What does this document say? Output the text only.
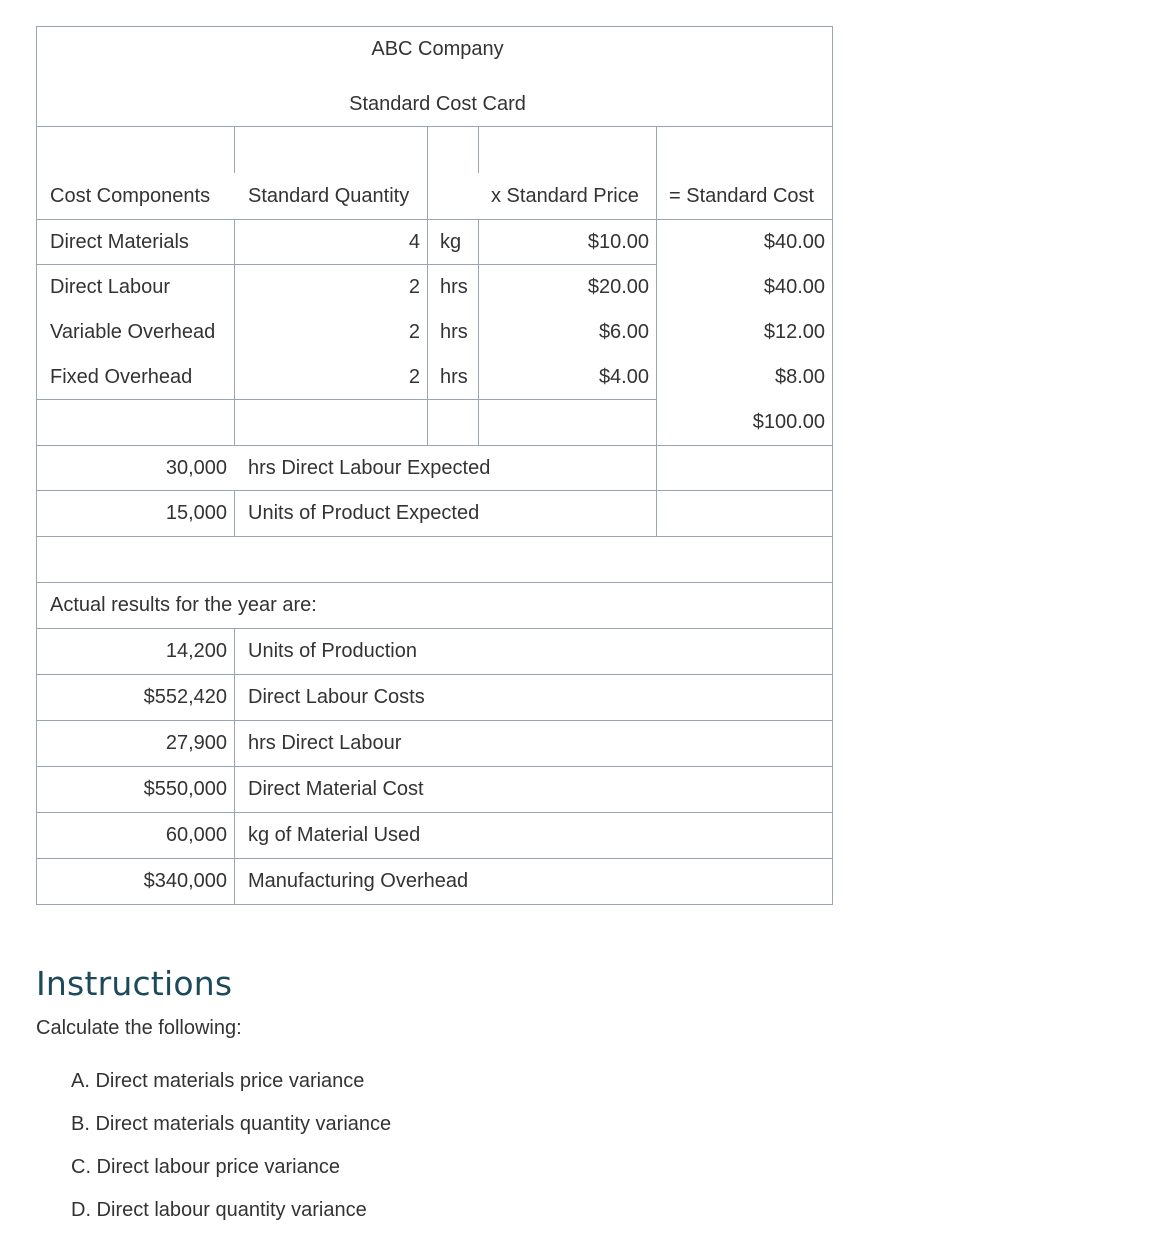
ABC Company
Standard Cost Card				

Cost Components	Standard Quantity		x Standard Price	= Standard Cost
Direct Materials	4	kg	$10.00	$40.00
Direct Labour	2	hrs	$20.00	$40.00
Variable Overhead	2	hrs	$6.00	$12.00
Fixed Overhead	2	hrs	$4.00	$8.00
				$100.00
30,000	hrs Direct Labour Expected			
15,000	Units of Product Expected			

Actual results for the year are:				
14,200	Units of Production			
$552,420	Direct Labour Costs			
27,900	hrs Direct Labour			
$550,000	Direct Material Cost			
60,000	kg of Material Used			
$340,000	Manufacturing Overhead			
Instructions

Calculate the following:

A. Direct materials price variance
B. Direct materials quantity variance
C. Direct labour price variance
D. Direct labour quantity variance
